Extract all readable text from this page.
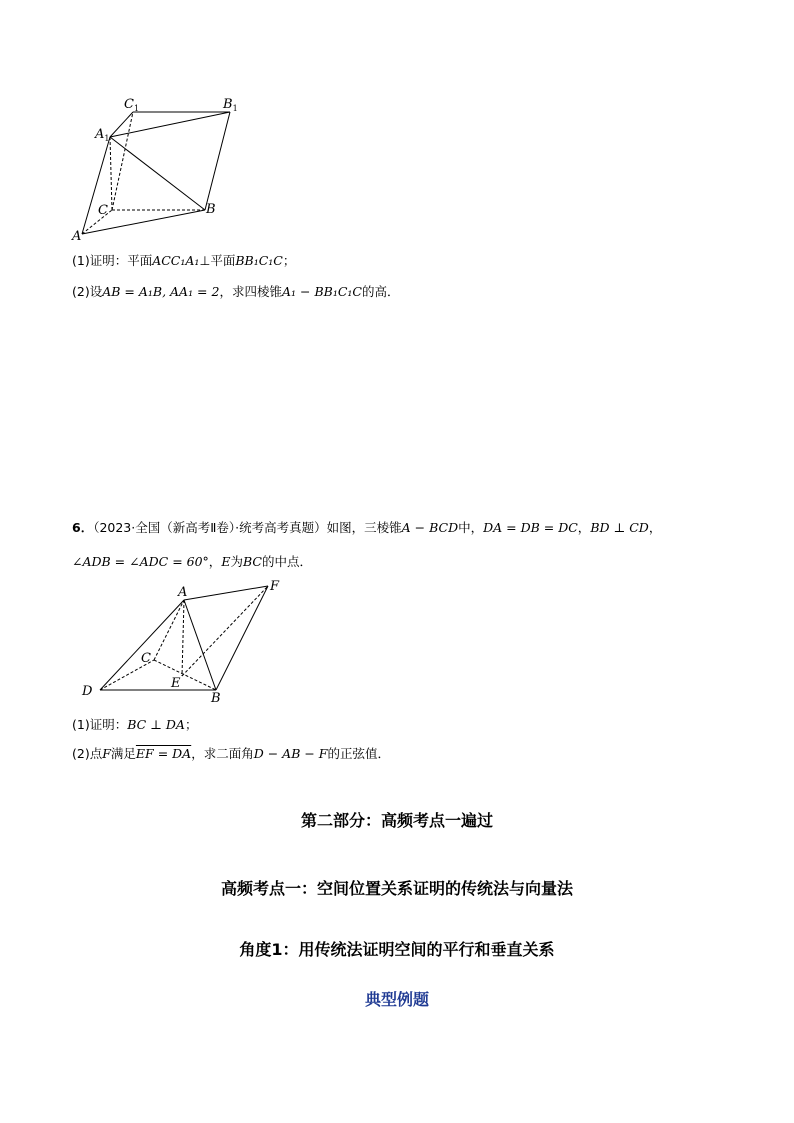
$C_1$	$B_1$
$A_1$
C	B
A
(1)证明：平面ACC₁A₁⊥平面BB₁C₁C；
(2)设AB = A₁B, AA₁ = 2，求四棱锥A₁ − BB₁C₁C的高．
6．（2023·全国（新高考Ⅱ卷）·统考高考真题）如图，三棱锥A − BCD中，DA = DB = DC，BD ⊥ CD，
∠ADB = ∠ADC = 60°，E为BC的中点．
A	F
C
D
E
B
(1)证明：BC ⊥ DA；
(2)点F满足EF = DA，求二面角D − AB − F的正弦值．
第二部分：高频考点一遍过
高频考点一：空间位置关系证明的传统法与向量法
角度1：用传统法证明空间的平行和垂直关系
典型例题
